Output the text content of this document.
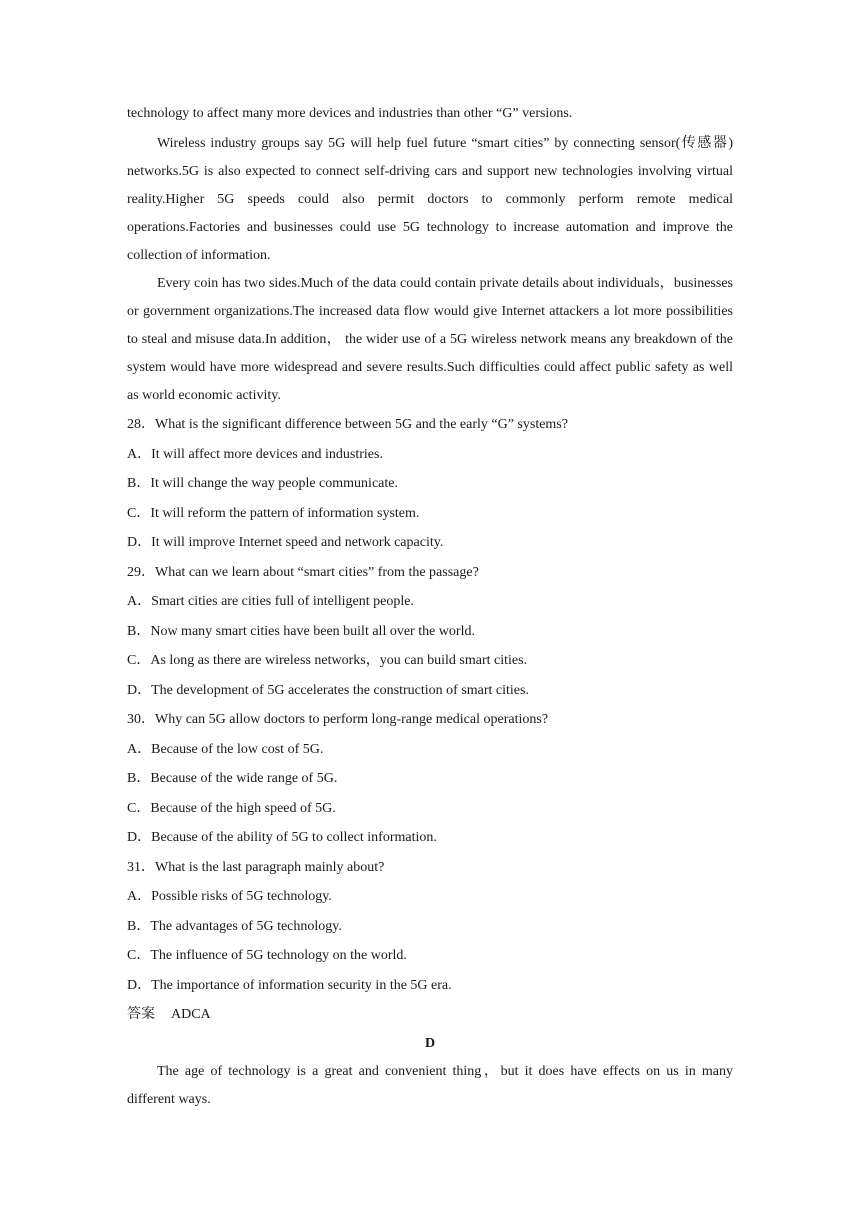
technology to affect many more devices and industries than other “G” versions.

Wireless industry groups say 5G will help fuel future “smart cities” by connecting sensor(传感器) networks.5G is also expected to connect self-driving cars and support new technologies involving virtual reality.Higher 5G speeds could also permit doctors to commonly perform remote medical operations.Factories and businesses could use 5G technology to increase automation and improve the collection of information.

Every coin has two sides.Much of the data could contain private details about individuals，businesses or government organizations.The increased data flow would give Internet attackers a lot more possibilities to steal and misuse data.In addition， the wider use of a 5G wireless network means any breakdown of the system would have more widespread and severe results.Such difficulties could affect public safety as well as world economic activity.

28．What is the significant difference between 5G and the early “G” systems?
A．It will affect more devices and industries.
B．It will change the way people communicate.
C．It will reform the pattern of information system.
D．It will improve Internet speed and network capacity.
29．What can we learn about “smart cities” from the passage?
A．Smart cities are cities full of intelligent people.
B．Now many smart cities have been built all over the world.
C．As long as there are wireless networks，you can build smart cities.
D．The development of 5G accelerates the construction of smart cities.
30．Why can 5G allow doctors to perform long-range medical operations?
A．Because of the low cost of 5G.
B．Because of the wide range of 5G.
C．Because of the high speed of 5G.
D．Because of the ability of 5G to collect information.
31．What is the last paragraph mainly about?
A．Possible risks of 5G technology.
B．The advantages of 5G technology.
C．The influence of 5G technology on the world.
D．The importance of information security in the 5G era.
答案 ADCA
D

The age of technology is a great and convenient thing，but it does have effects on us in many different ways.
